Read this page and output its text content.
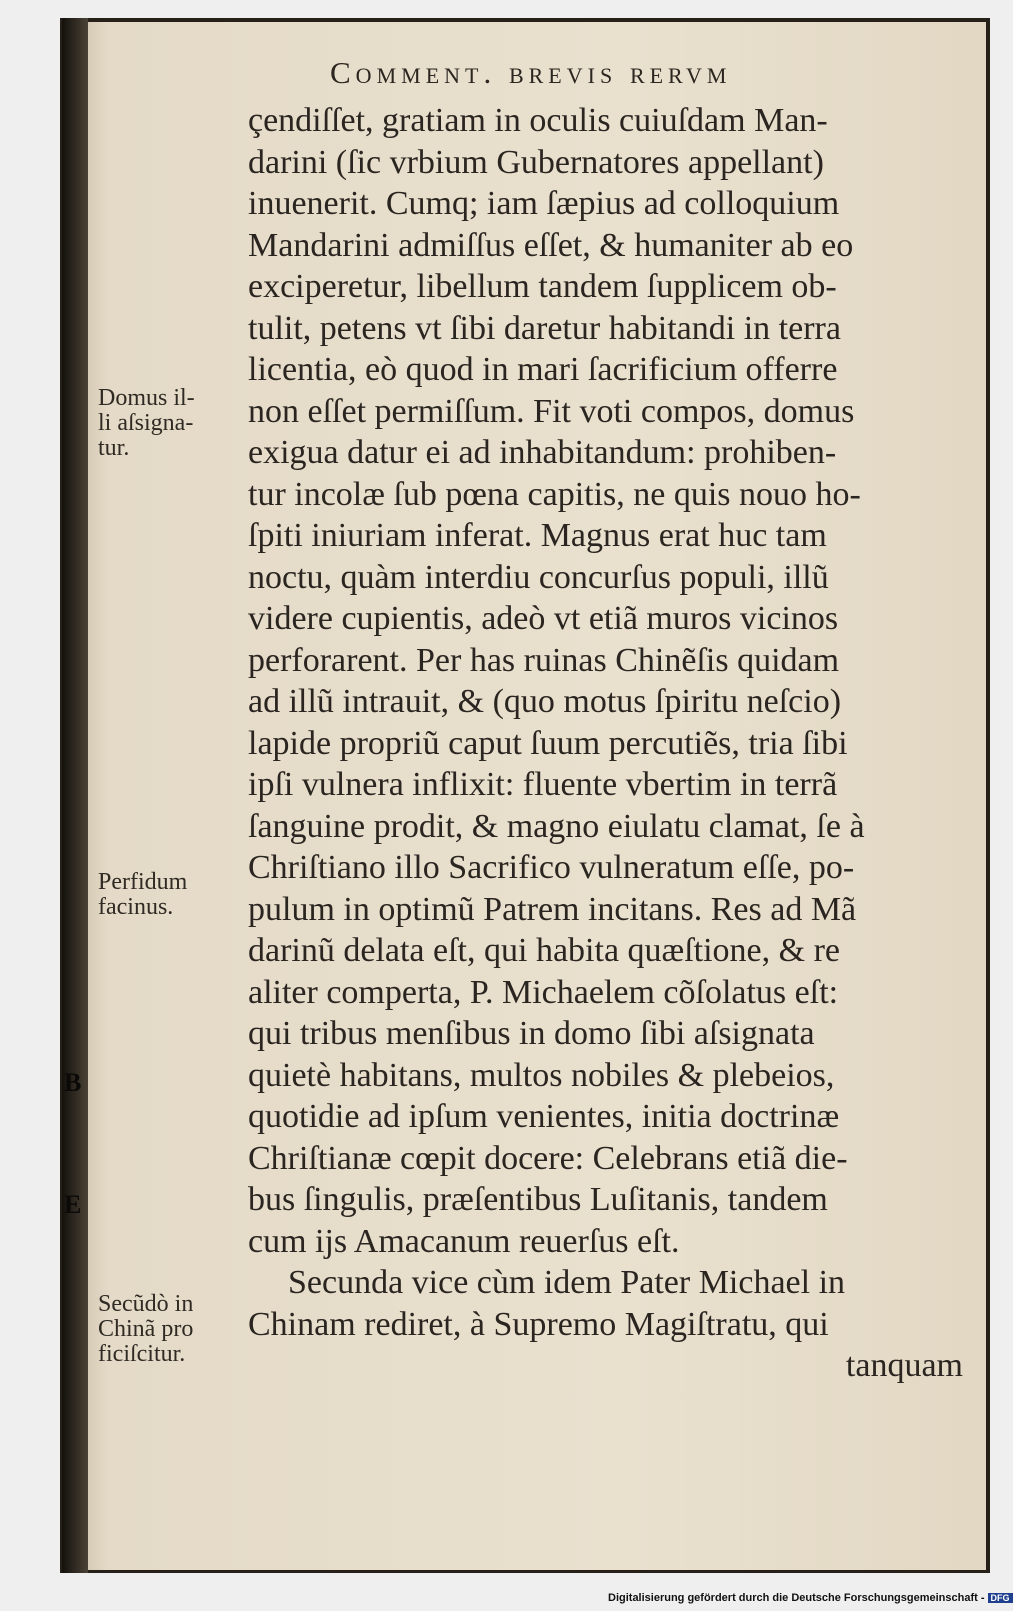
Comment. brevis rervm
çendiſſet, gratiam in oculis cuiuſdam Man-
darini (ſic vrbium Gubernatores appellant)
inuenerit. Cumq; iam ſæpius ad colloquium
Mandarini admiſſus eſſet, & humaniter ab eo
exciperetur, libellum tandem ſupplicem ob-
tulit, petens vt ſibi daretur habitandi in terra
licentia, eò quod in mari ſacrificium offerre
non eſſet permiſſum. Fit voti compos, domus
exigua datur ei ad inhabitandum: prohiben-
tur incolæ ſub pœna capitis, ne quis nouo ho-
ſpiti iniuriam inferat. Magnus erat huc tam
noctu, quàm interdiu concurſus populi, illũ
videre cupientis, adeò vt etiã muros vicinos
perforarent. Per has ruinas Chinẽſis quidam
ad illũ intrauit, & (quo motus ſpiritu neſcio)
lapide propriũ caput ſuum percutiẽs, tria ſibi
ipſi vulnera inflixit: fluente vbertim in terrã
ſanguine prodit, & magno eiulatu clamat, ſe à
Chriſtiano illo Sacrifico vulneratum eſſe, po-
pulum in optimũ Patrem incitans. Res ad Mã
darinũ delata eſt, qui habita quæſtione, & re
aliter comperta, P. Michaelem cõſolatus eſt:
qui tribus menſibus in domo ſibi aſsignata
quietè habitans, multos nobiles & plebeios,
quotidie ad ipſum venientes, initia doctrinæ
Chriſtianæ cœpit docere: Celebrans etiã die-
bus ſingulis, præſentibus Luſitanis, tandem
cum ijs Amacanum reuerſus eſt.
Secunda vice cùm idem Pater Michael in
Chinam rediret, à Supremo Magiſtratu, qui
tanquam
Domus il-
li aſsigna-
tur.
Perfidum
facinus.
Secũdò in
Chinã pro
ficiſcitur.
B
E
Digitalisierung gefördert durch die Deutsche Forschungsgemeinschaft - DFG
